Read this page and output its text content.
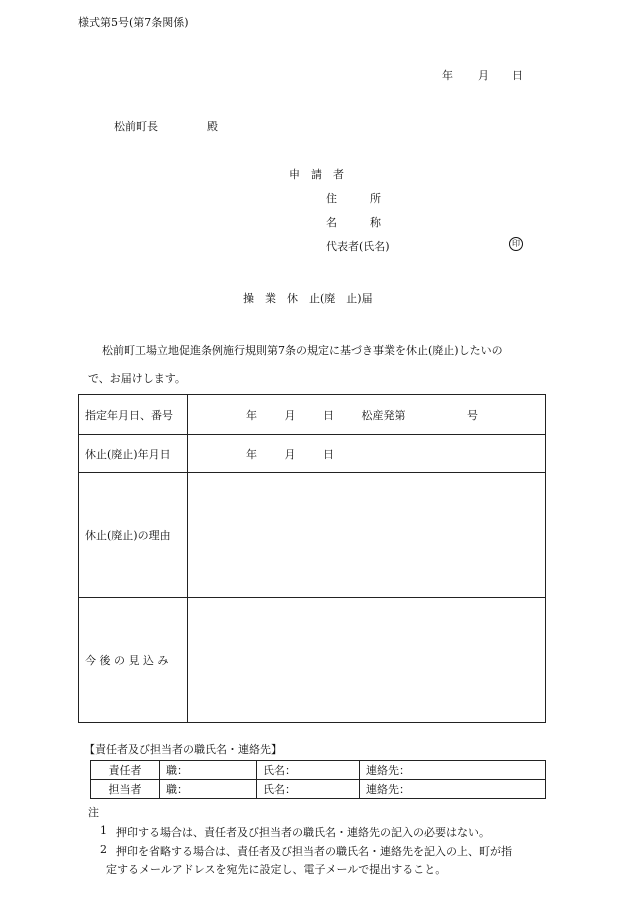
様式第5号(第7条関係)
年 月 日
松前町長	殿
申　請　者
住　　　所
名　　　称
代表者(氏名)	印
操　業　休　止(廃　止)届
松前町工場立地促進条例施行規則第7条の規定に基づき事業を休止(廃止)したいの
で、お届けします。
指定年月日、番号	年 月 日 松産発第 号
休止(廃止)年月日	年 月 日
休止(廃止)の理由	
今 後 の 見 込 み	
【責任者及び担当者の職氏名・連絡先】
責任者	職：	氏名：	連絡先：
担当者	職：	氏名：	連絡先：
注
1 押印する場合は、責任者及び担当者の職氏名・連絡先の記入の必要はない。
2 押印を省略する場合は、責任者及び担当者の職氏名・連絡先を記入の上、町が指
定するメールアドレスを宛先に設定し、電子メールで提出すること。
